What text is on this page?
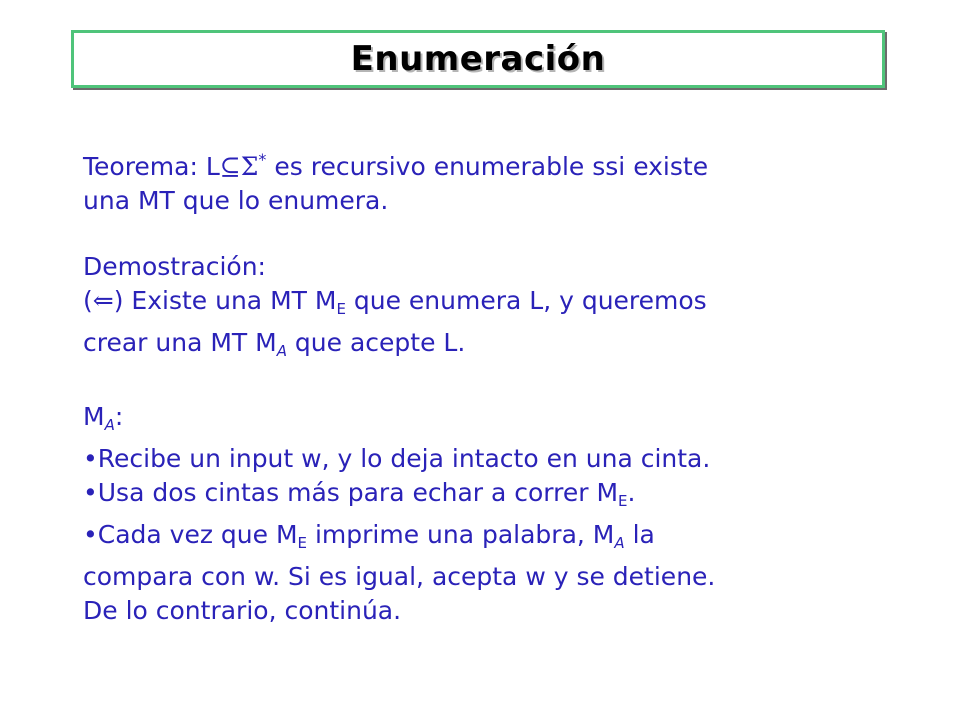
Enumeración
Teorema: L⊆Σ* es recursivo enumerable ssi existe
una MT que lo enumera.
Demostración:
(⇐) Existe una MT $M_E$ que enumera L, y queremos
crear una MT $M_A$ que acepte L.
$M_A$:
•Recibe un input w, y lo deja intacto en una cinta.
•Usa dos cintas más para echar a correr $M_E$.
•Cada vez que $M_E$ imprime una palabra, $M_A$ la
compara con w. Si es igual, acepta w y se detiene.
De lo contrario, continúa.
